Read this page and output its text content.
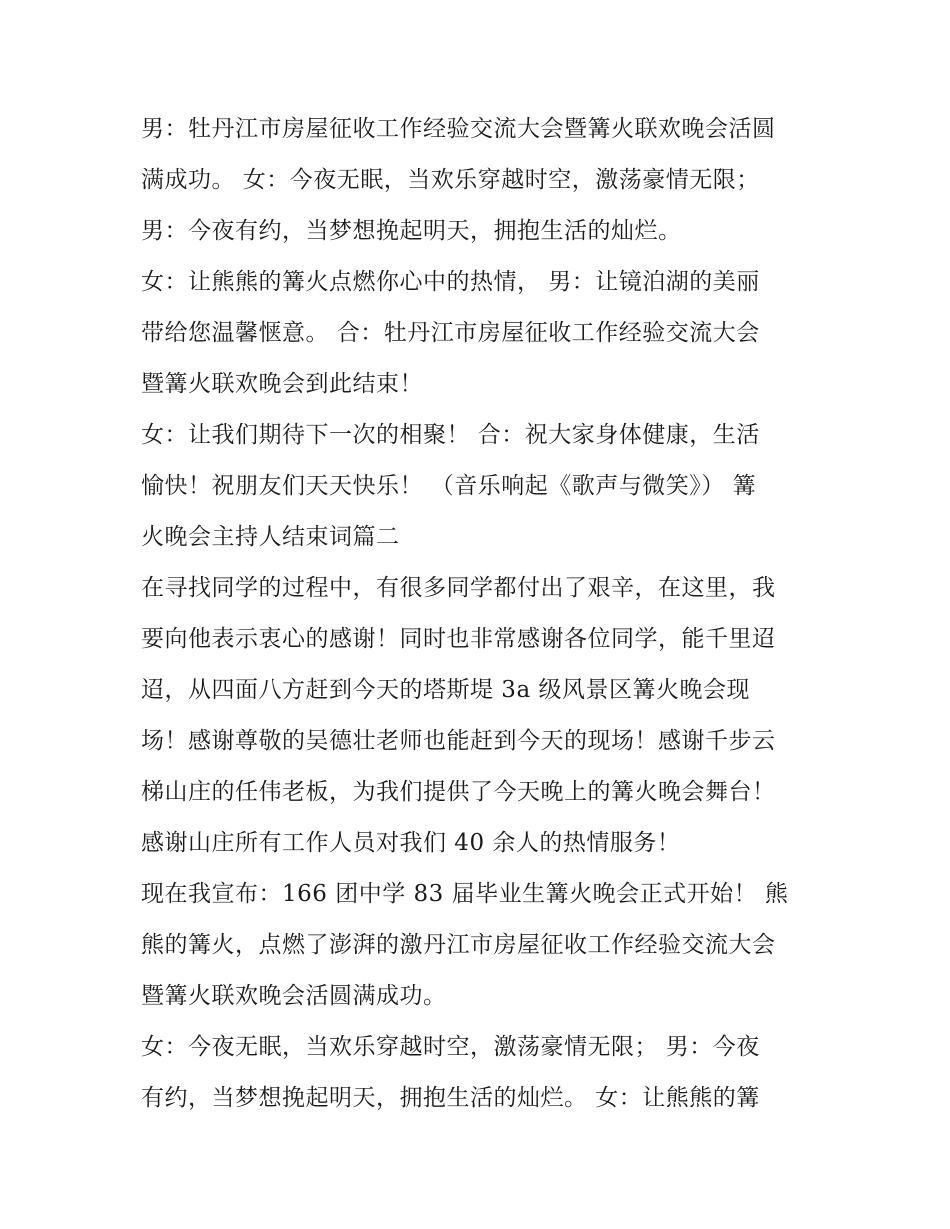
男：牡丹江市房屋征收工作经验交流大会暨篝火联欢晚会活圆
满成功。 女：今夜无眠，当欢乐穿越时空，激荡豪情无限；
男：今夜有约，当梦想挽起明天，拥抱生活的灿烂。
女：让熊熊的篝火点燃你心中的热情， 男：让镜泊湖的美丽
带给您温馨惬意。 合：牡丹江市房屋征收工作经验交流大会
暨篝火联欢晚会到此结束！
女：让我们期待下一次的相聚！ 合：祝大家身体健康，生活
愉快！祝朋友们天天快乐！ （音乐响起《歌声与微笑》） 篝
火晚会主持人结束词篇二
在寻找同学的过程中，有很多同学都付出了艰辛，在这里，我
要向他表示衷心的感谢！同时也非常感谢各位同学，能千里迢
迢，从四面八方赶到今天的塔斯堤 3a 级风景区篝火晚会现
场！感谢尊敬的吴德壮老师也能赶到今天的现场！感谢千步云
梯山庄的任伟老板，为我们提供了今天晚上的篝火晚会舞台！
感谢山庄所有工作人员对我们 40 余人的热情服务！
现在我宣布：166 团中学 83 届毕业生篝火晚会正式开始！ 熊
熊的篝火，点燃了澎湃的激丹江市房屋征收工作经验交流大会
暨篝火联欢晚会活圆满成功。
女：今夜无眠，当欢乐穿越时空，激荡豪情无限； 男：今夜
有约，当梦想挽起明天，拥抱生活的灿烂。 女：让熊熊的篝
